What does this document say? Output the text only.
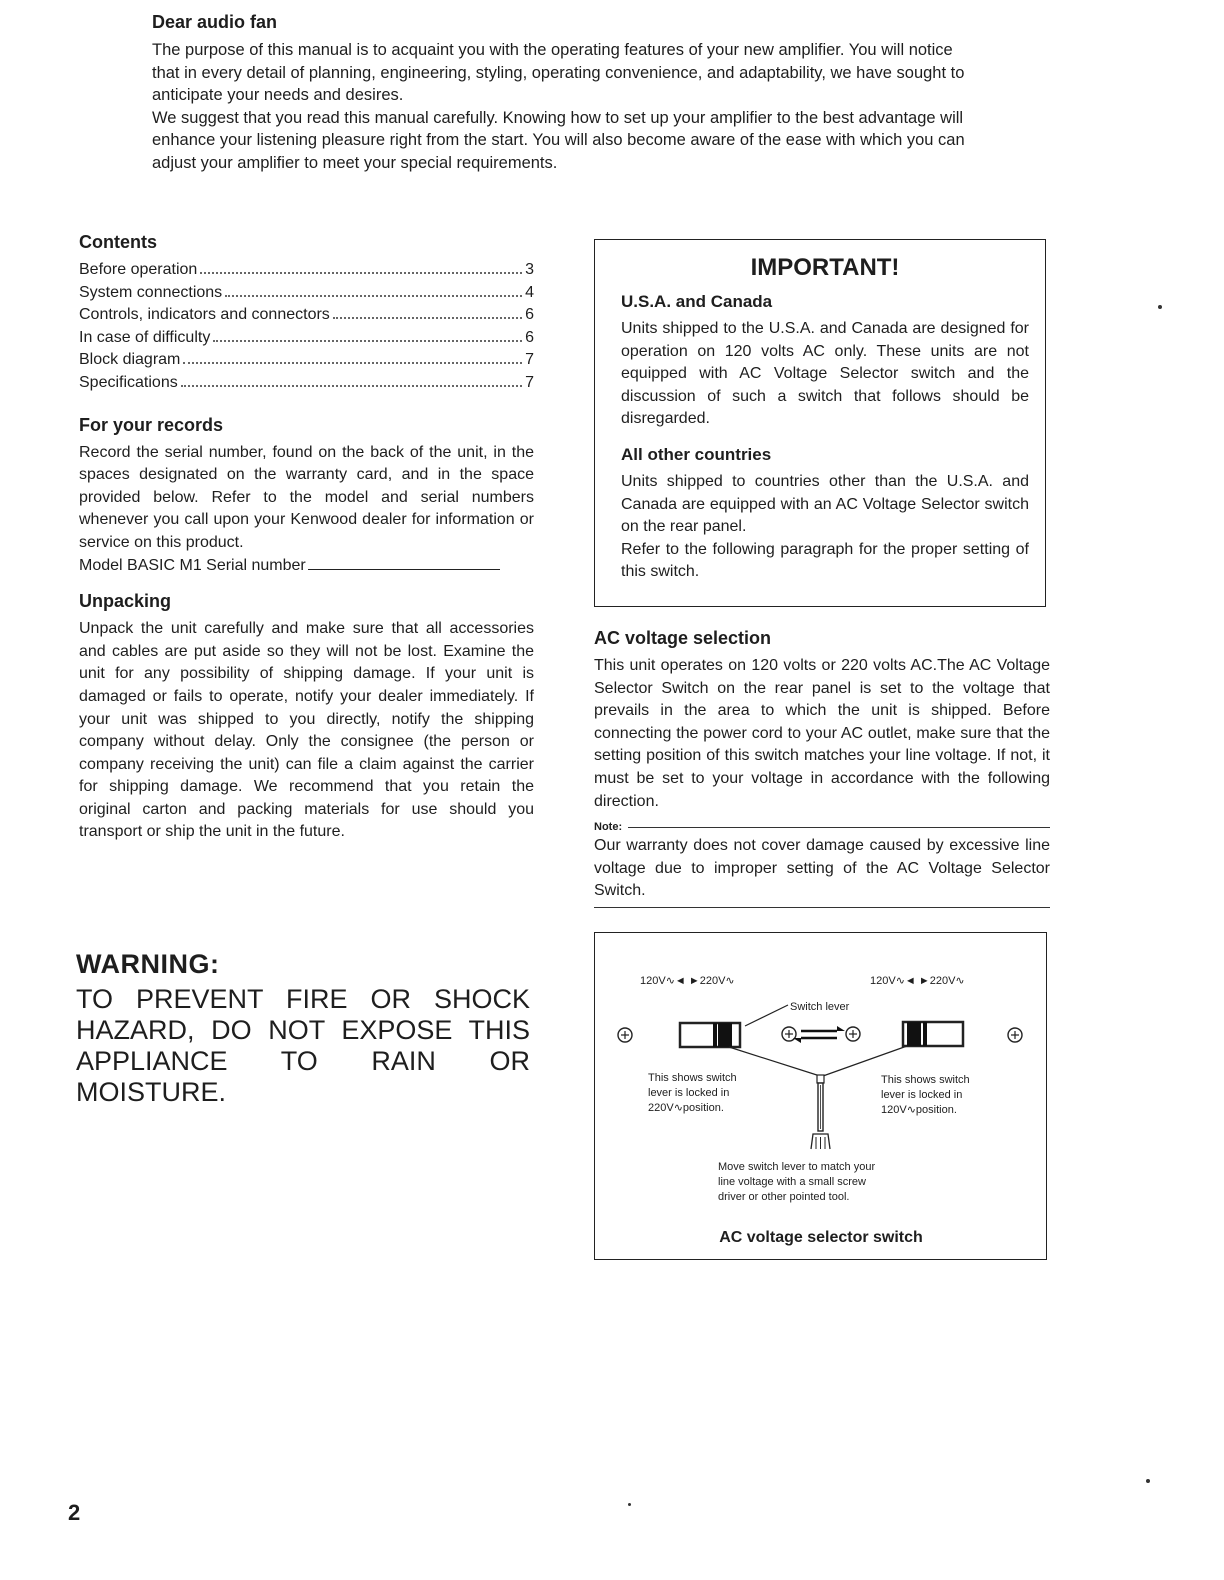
Dear audio fan

The purpose of this manual is to acquaint you with the operating features of your new amplifier. You will notice that in every detail of planning, engineering, styling, operating convenience, and adaptability, we have sought to anticipate your needs and desires.

We suggest that you read this manual carefully. Knowing how to set up your amplifier to the best advantage will enhance your listening pleasure right from the start. You will also become aware of the ease with which you can adjust your amplifier to meet your special requirements.

Contents
Before operation	3
System connections	4
Controls, indicators and connectors	6
In case of difficulty	6
Block diagram	7
Specifications	7
For your records

Record the serial number, found on the back of the unit, in the spaces designated on the warranty card, and in the space provided below. Refer to the model and serial numbers whenever you call upon your Kenwood dealer for information or service on this product.

Model BASIC M1 Serial number
Unpacking

Unpack the unit carefully and make sure that all accessories and cables are put aside so they will not be lost. Examine the unit for any possibility of shipping damage. If your unit is damaged or fails to operate, notify your dealer immediately. If your unit was shipped to you directly, notify the shipping company without delay. Only the consignee (the person or company receiving the unit) can file a claim against the carrier for shipping damage. We recommend that you retain the original carton and packing materials for use should you transport or ship the unit in the future.

IMPORTANT!
U.S.A. and Canada

Units shipped to the U.S.A. and Canada are designed for operation on 120 volts AC only. These units are not equipped with AC Voltage Selector switch and the discussion of such a switch that follows should be disregarded.

All other countries

Units shipped to countries other than the U.S.A. and Canada are equipped with an AC Voltage Selector switch on the rear panel.

Refer to the following paragraph for the proper setting of this switch.

AC voltage selection

This unit operates on 120 volts or 220 volts AC.The AC Voltage Selector Switch on the rear panel is set to the voltage that prevails in the area to which the unit is shipped. Before connecting the power cord to your AC outlet, make sure that the setting position of this switch matches your line voltage. If not, it must be set to your voltage in accordance with the following direction.

Note:

Our warranty does not cover damage caused by excessive line voltage due to improper setting of the AC Voltage Selector Switch.

WARNING:
TO PREVENT FIRE OR SHOCK
HAZARD, DO NOT EXPOSE THIS
APPLIANCE TO RAIN OR MOISTURE.
120V∿◄ ►220V∿	120V∿◄ ►220V∿
Switch lever
This shows switch lever is locked in 220V∿position.
This shows switch lever is locked in 120V∿position.
Move switch lever to match your line voltage with a small screw driver or other pointed tool.
AC voltage selector switch
2
